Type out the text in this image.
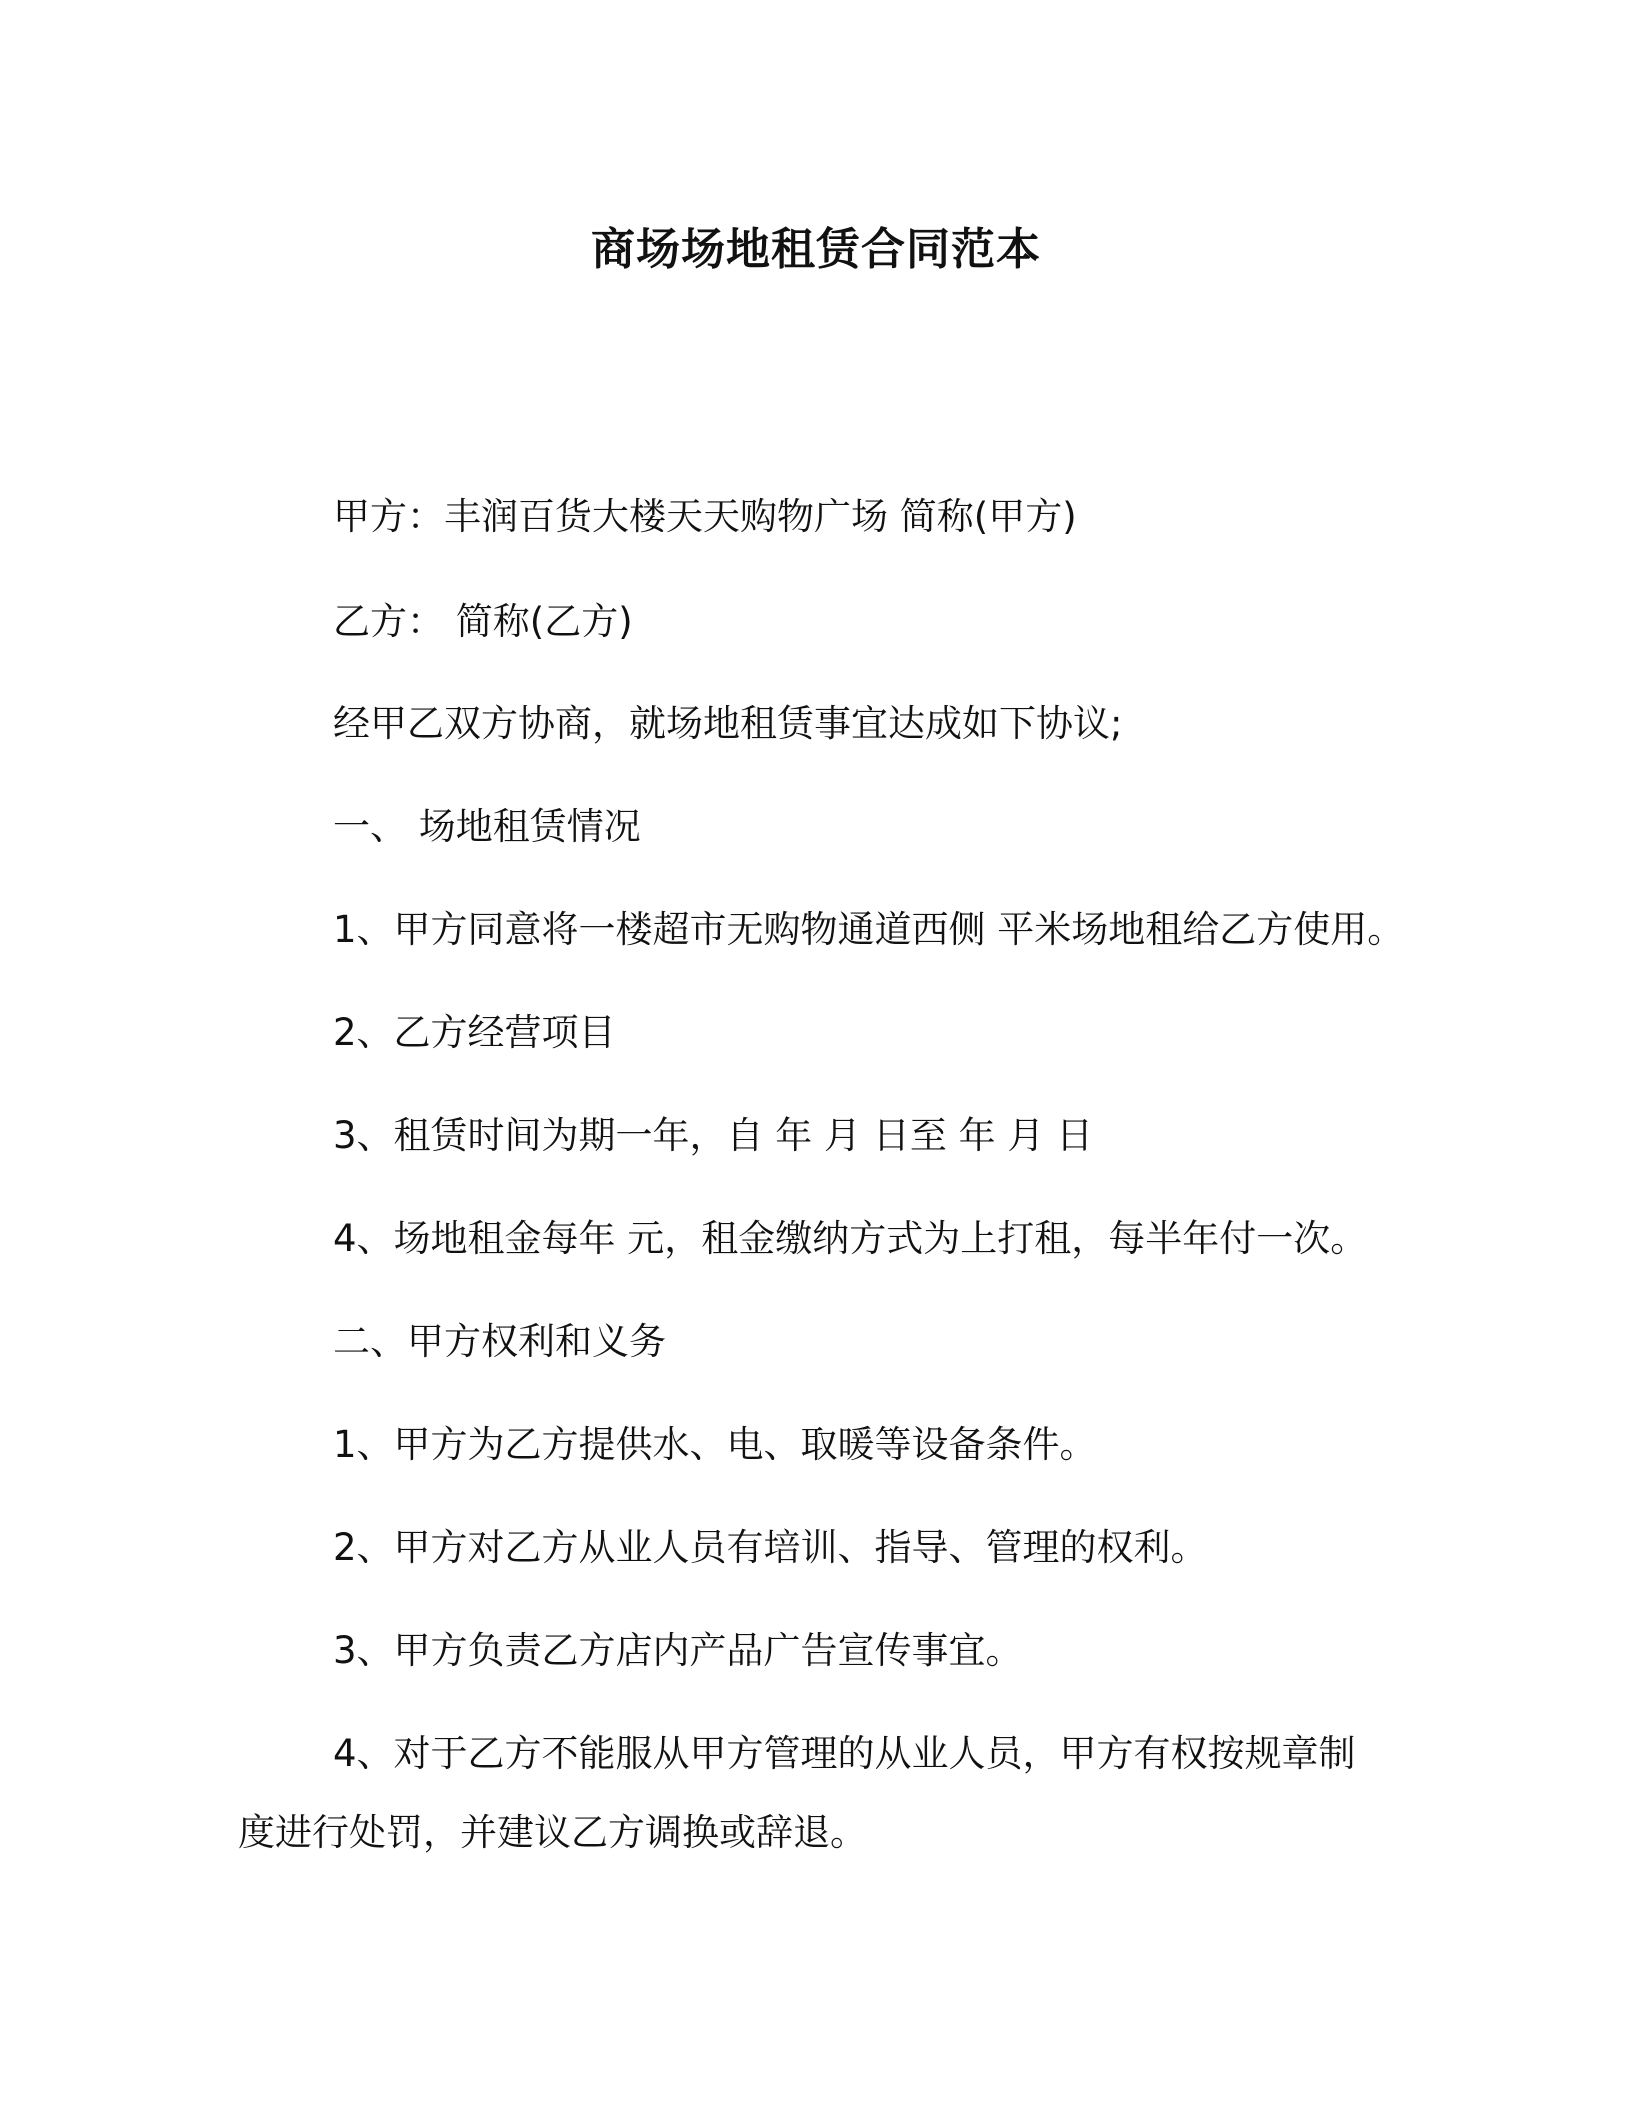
商场场地租赁合同范本
甲方：丰润百货大楼天天购物广场 简称(甲方)
乙方： 简称(乙方)
经甲乙双方协商，就场地租赁事宜达成如下协议;
一、 场地租赁情况
1、甲方同意将一楼超市无购物通道西侧 平米场地租给乙方使用。
2、乙方经营项目
3、租赁时间为期一年，自 年 月 日至 年 月 日
4、场地租金每年 元，租金缴纳方式为上打租，每半年付一次。
二、甲方权利和义务
1、甲方为乙方提供水、电、取暖等设备条件。
2、甲方对乙方从业人员有培训、指导、管理的权利。
3、甲方负责乙方店内产品广告宣传事宜。
4、对于乙方不能服从甲方管理的从业人员，甲方有权按规章制
度进行处罚，并建议乙方调换或辞退。
